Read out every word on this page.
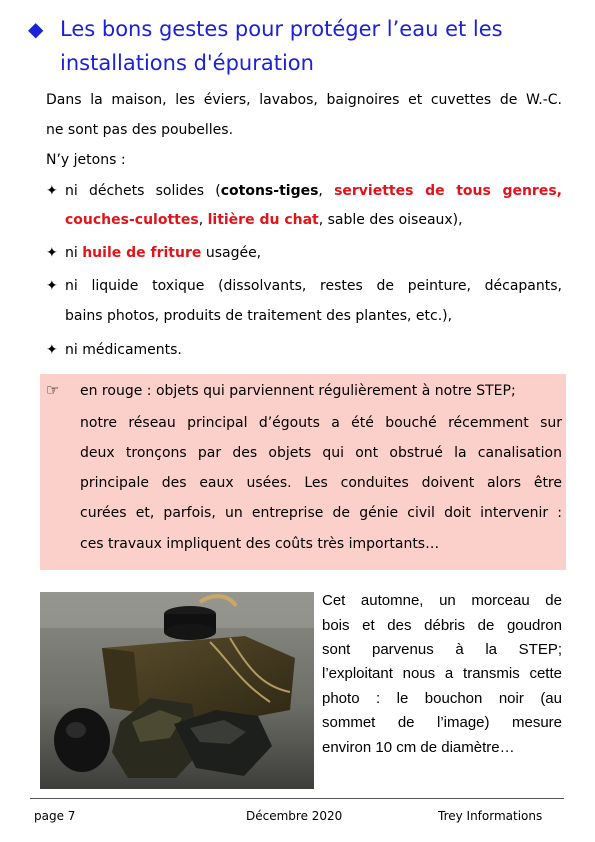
◆ Les bons gestes pour protéger l’eau et les
installations d'épuration
Dans la maison, les éviers, lavabos, baignoires et cuvettes de W.-C.
ne sont pas des poubelles.
N’y jetons :
✦ ni déchets solides (cotons-tiges, serviettes de tous genres,
couches-culottes, litière du chat, sable des oiseaux),
✦ ni huile de friture usagée,
✦ ni liquide toxique (dissolvants, restes de peinture, décapants,
bains photos, produits de traitement des plantes, etc.),
✦ ni médicaments.
☞ en rouge : objets qui parviennent régulièrement à notre STEP;
notre réseau principal d’égouts a été bouché récemment sur
deux tronçons par des objets qui ont obstrué la canalisation
principale des eaux usées. Les conduites doivent alors être
curées et, parfois, un entreprise de génie civil doit intervenir :
ces travaux impliquent des coûts très importants…
Cet automne, un morceau de
bois et des débris de goudron
sont parvenus à la STEP;
l’exploitant nous a transmis cette
photo : le bouchon noir (au
sommet de l’image) mesure
environ 10 cm de diamètre…
page 7	Décembre 2020	Trey Informations
